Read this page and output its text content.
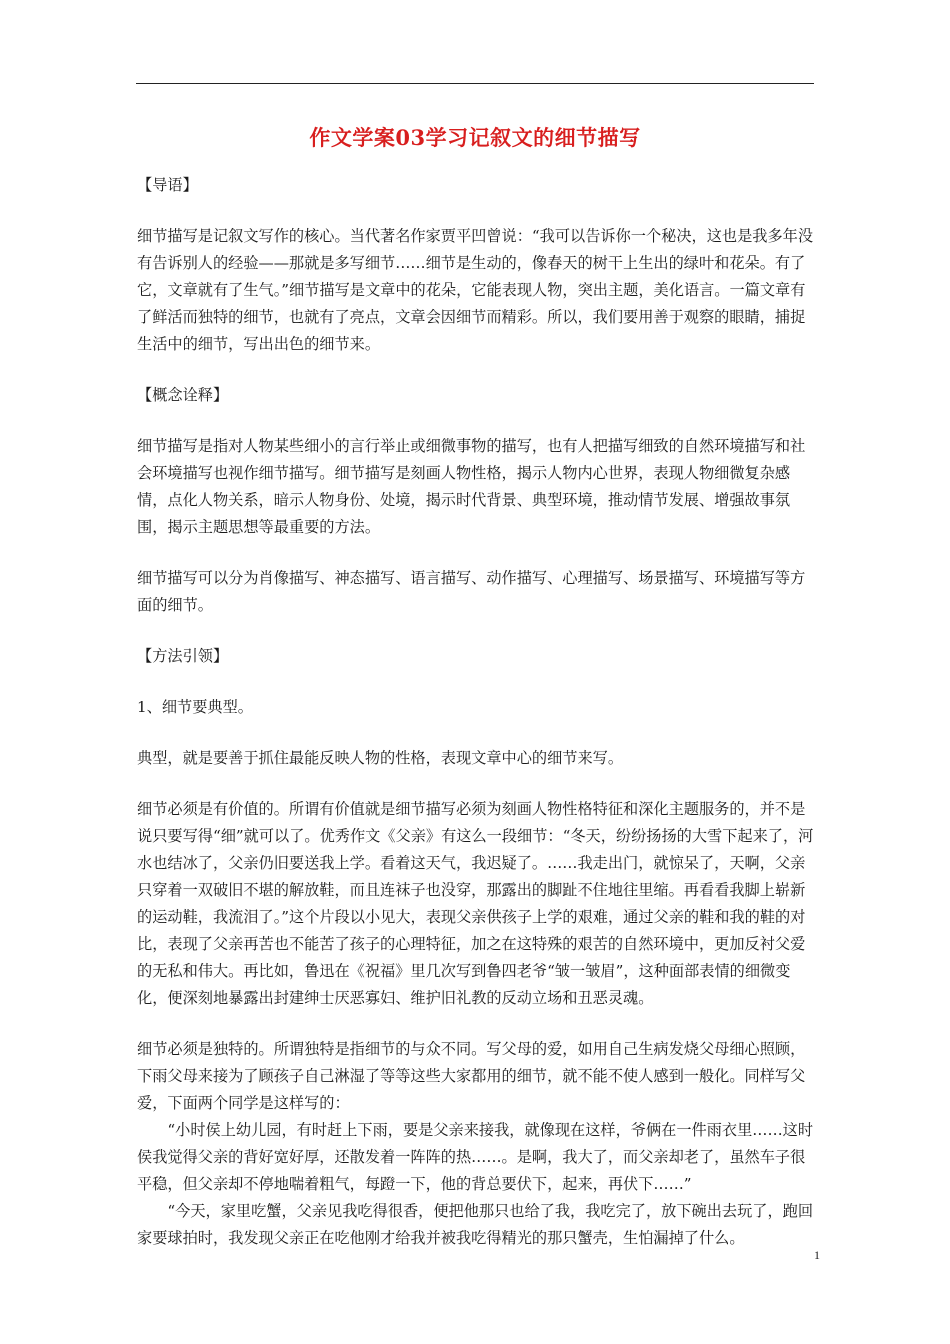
作文学案03学习记叙文的细节描写

【导语】

细节描写是记叙文写作的核心。当代著名作家贾平凹曾说：“我可以告诉你一个秘决，这也是我多年没有告诉别人的经验——那就是多写细节……细节是生动的，像春天的树干上生出的绿叶和花朵。有了它，文章就有了生气。”细节描写是文章中的花朵，它能表现人物，突出主题，美化语言。一篇文章有了鲜活而独特的细节，也就有了亮点，文章会因细节而精彩。所以，我们要用善于观察的眼睛，捕捉生活中的细节，写出出色的细节来。

【概念诠释】

细节描写是指对人物某些细小的言行举止或细微事物的描写，也有人把描写细致的自然环境描写和社会环境描写也视作细节描写。细节描写是刻画人物性格，揭示人物内心世界，表现人物细微复杂感情，点化人物关系，暗示人物身份、处境，揭示时代背景、典型环境，推动情节发展、增强故事氛围，揭示主题思想等最重要的方法。

细节描写可以分为肖像描写、神态描写、语言描写、动作描写、心理描写、场景描写、环境描写等方面的细节。

【方法引领】

1、细节要典型。

典型，就是要善于抓住最能反映人物的性格，表现文章中心的细节来写。

细节必须是有价值的。所谓有价值就是细节描写必须为刻画人物性格特征和深化主题服务的，并不是说只要写得“细”就可以了。优秀作文《父亲》有这么一段细节：“冬天，纷纷扬扬的大雪下起来了，河水也结冰了，父亲仍旧要送我上学。看着这天气，我迟疑了。……我走出门，就惊呆了，天啊，父亲只穿着一双破旧不堪的解放鞋，而且连袜子也没穿，那露出的脚趾不住地往里缩。再看看我脚上崭新的运动鞋，我流泪了。”这个片段以小见大，表现父亲供孩子上学的艰难，通过父亲的鞋和我的鞋的对比，表现了父亲再苦也不能苦了孩子的心理特征，加之在这特殊的艰苦的自然环境中，更加反衬父爱的无私和伟大。再比如，鲁迅在《祝福》里几次写到鲁四老爷“皱一皱眉”，这种面部表情的细微变化，便深刻地暴露出封建绅士厌恶寡妇、维护旧礼教的反动立场和丑恶灵魂。

细节必须是独特的。所谓独特是指细节的与众不同。写父母的爱，如用自己生病发烧父母细心照顾，下雨父母来接为了顾孩子自己淋湿了等等这些大家都用的细节，就不能不使人感到一般化。同样写父爱，下面两个同学是这样写的：

“小时侯上幼儿园，有时赶上下雨，要是父亲来接我，就像现在这样，爷俩在一件雨衣里……这时侯我觉得父亲的背好宽好厚，还散发着一阵阵的热……。是啊，我大了，而父亲却老了，虽然车子很平稳，但父亲却不停地喘着粗气，每蹬一下，他的背总要伏下，起来，再伏下……”

“今天，家里吃蟹，父亲见我吃得很香，便把他那只也给了我，我吃完了，放下碗出去玩了，跑回家要球拍时，我发现父亲正在吃他刚才给我并被我吃得精光的那只蟹壳，生怕漏掉了什么。

1
